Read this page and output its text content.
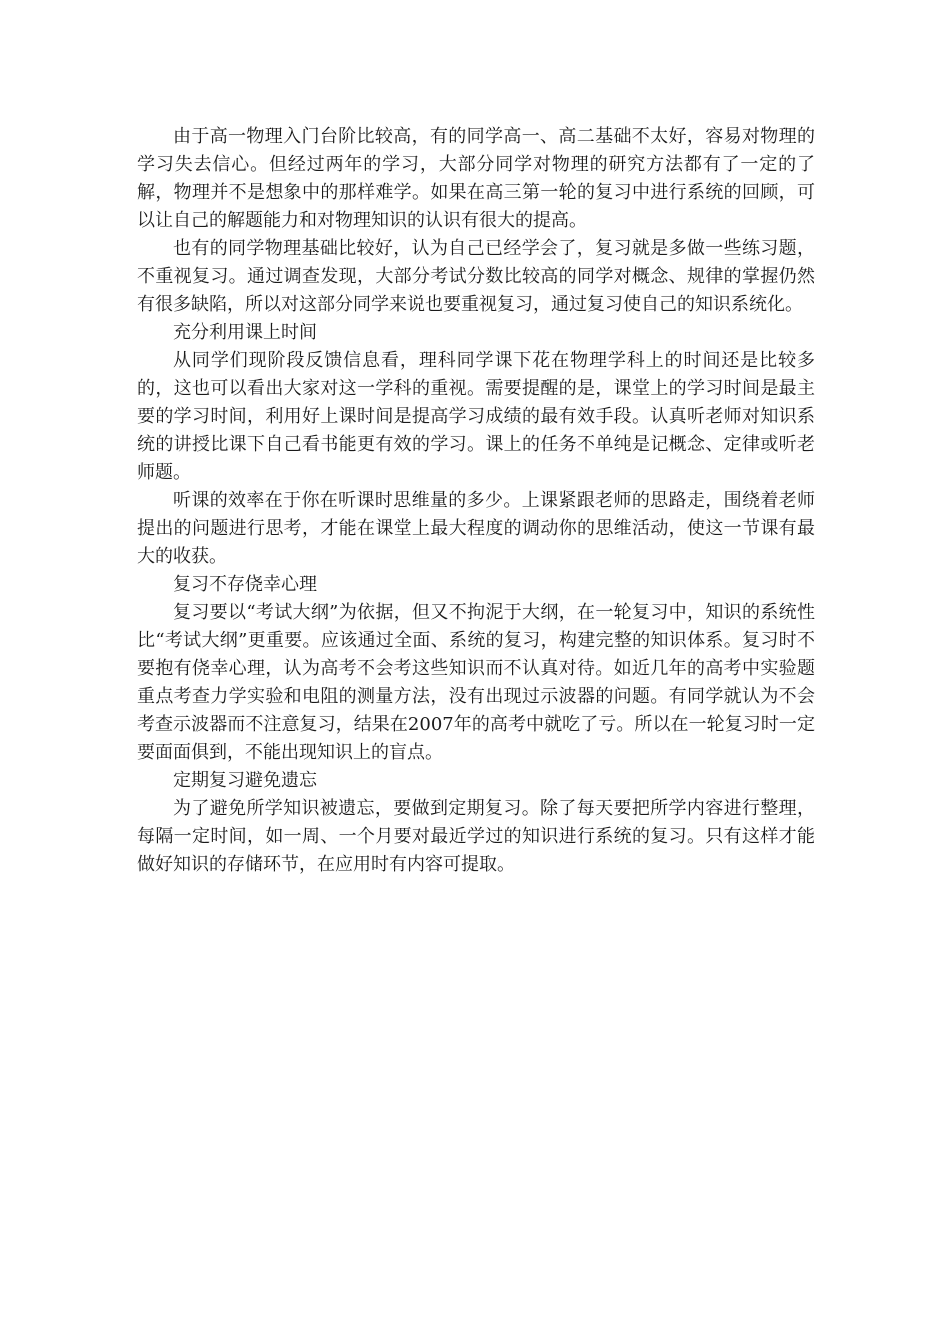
由于高一物理入门台阶比较高，有的同学高一、高二基础不太好，容易对物理的学习失去信心。但经过两年的学习，大部分同学对物理的研究方法都有了一定的了解，物理并不是想象中的那样难学。如果在高三第一轮的复习中进行系统的回顾，可以让自己的解题能力和对物理知识的认识有很大的提高。

也有的同学物理基础比较好，认为自己已经学会了，复习就是多做一些练习题，不重视复习。通过调查发现，大部分考试分数比较高的同学对概念、规律的掌握仍然有很多缺陷，所以对这部分同学来说也要重视复习，通过复习使自己的知识系统化。

充分利用课上时间

从同学们现阶段反馈信息看，理科同学课下花在物理学科上的时间还是比较多的，这也可以看出大家对这一学科的重视。需要提醒的是，课堂上的学习时间是最主要的学习时间，利用好上课时间是提高学习成绩的最有效手段。认真听老师对知识系统的讲授比课下自己看书能更有效的学习。课上的任务不单纯是记概念、定律或听老师题。

听课的效率在于你在听课时思维量的多少。上课紧跟老师的思路走，围绕着老师提出的问题进行思考，才能在课堂上最大程度的调动你的思维活动，使这一节课有最大的收获。

复习不存侥幸心理

复习要以“考试大纲”为依据，但又不拘泥于大纲，在一轮复习中，知识的系统性比“考试大纲”更重要。应该通过全面、系统的复习，构建完整的知识体系。复习时不要抱有侥幸心理，认为高考不会考这些知识而不认真对待。如近几年的高考中实验题重点考查力学实验和电阻的测量方法，没有出现过示波器的问题。有同学就认为不会考查示波器而不注意复习，结果在2007年的高考中就吃了亏。所以在一轮复习时一定要面面俱到，不能出现知识上的盲点。

定期复习避免遗忘

为了避免所学知识被遗忘，要做到定期复习。除了每天要把所学内容进行整理，每隔一定时间，如一周、一个月要对最近学过的知识进行系统的复习。只有这样才能做好知识的存储环节，在应用时有内容可提取。
